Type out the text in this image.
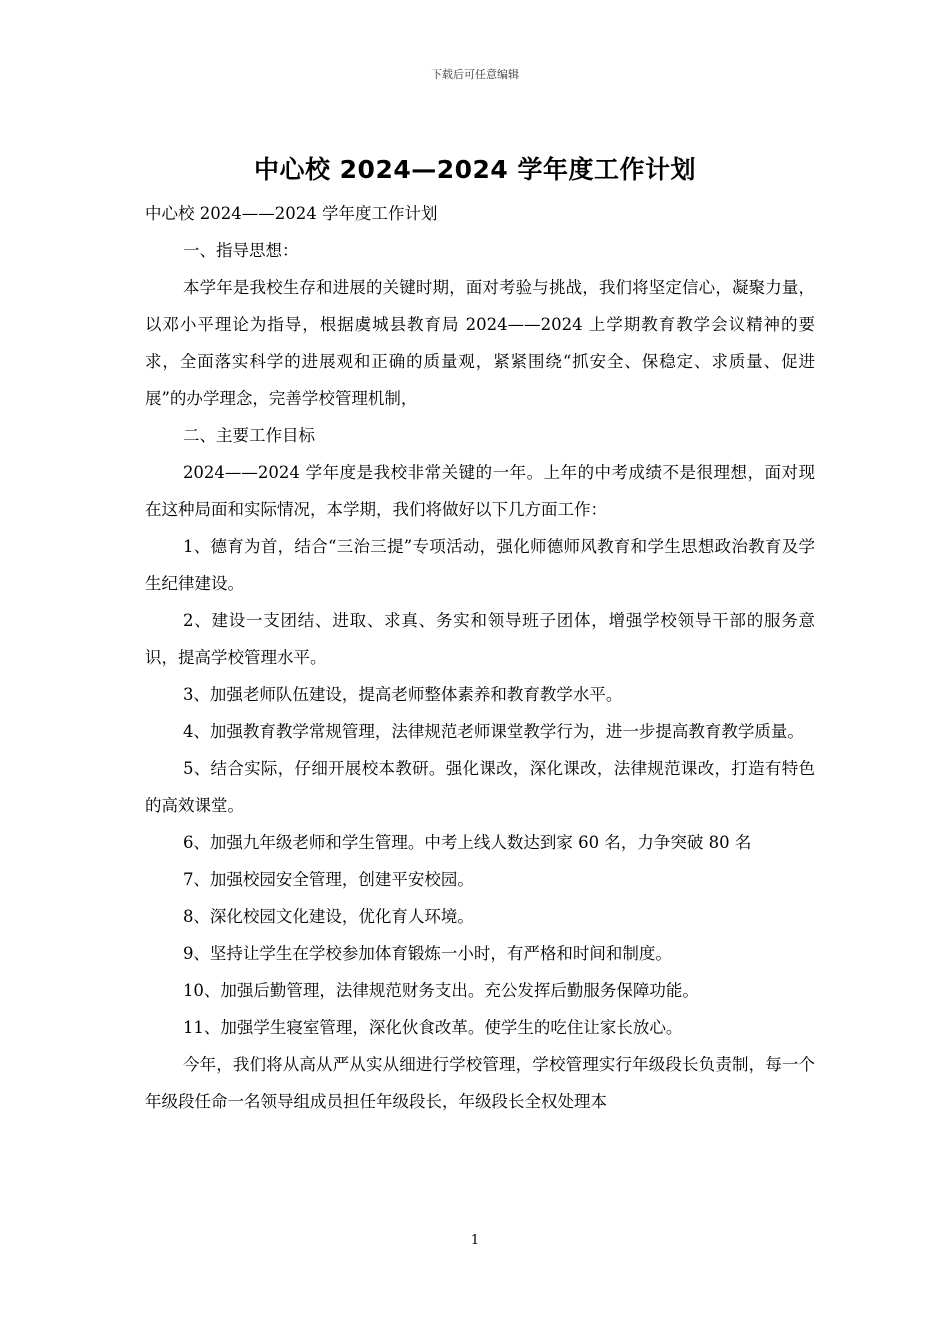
下载后可任意编辑
中心校 2024—2024 学年度工作计划

中心校 2024——2024 学年度工作计划

一、指导思想：

本学年是我校生存和进展的关键时期，面对考验与挑战，我们将坚定信心，凝聚力量，以邓小平理论为指导，根据虞城县教育局 2024——2024 上学期教育教学会议精神的要求，全面落实科学的进展观和正确的质量观，紧紧围绕“抓安全、保稳定、求质量、促进展”的办学理念，完善学校管理机制，

二、主要工作目标

2024——2024 学年度是我校非常关键的一年。上年的中考成绩不是很理想，面对现在这种局面和实际情况，本学期，我们将做好以下几方面工作：

1、德育为首，结合“三治三提”专项活动，强化师德师风教育和学生思想政治教育及学生纪律建设。

2、建设一支团结、进取、求真、务实和领导班子团体，增强学校领导干部的服务意识，提高学校管理水平。

3、加强老师队伍建设，提高老师整体素养和教育教学水平。

4、加强教育教学常规管理，法律规范老师课堂教学行为，进一步提高教育教学质量。

5、结合实际，仔细开展校本教研。强化课改，深化课改，法律规范课改，打造有特色的高效课堂。

6、加强九年级老师和学生管理。中考上线人数达到家 60 名，力争突破 80 名

7、加强校园安全管理，创建平安校园。

8、深化校园文化建设，优化育人环境。

9、坚持让学生在学校参加体育锻炼一小时，有严格和时间和制度。

10、加强后勤管理，法律规范财务支出。充公发挥后勤服务保障功能。

11、加强学生寝室管理，深化伙食改革。使学生的吃住让家长放心。

今年，我们将从高从严从实从细进行学校管理，学校管理实行年级段长负责制，每一个年级段任命一名领导组成员担任年级段长，年级段长全权处理本

1
